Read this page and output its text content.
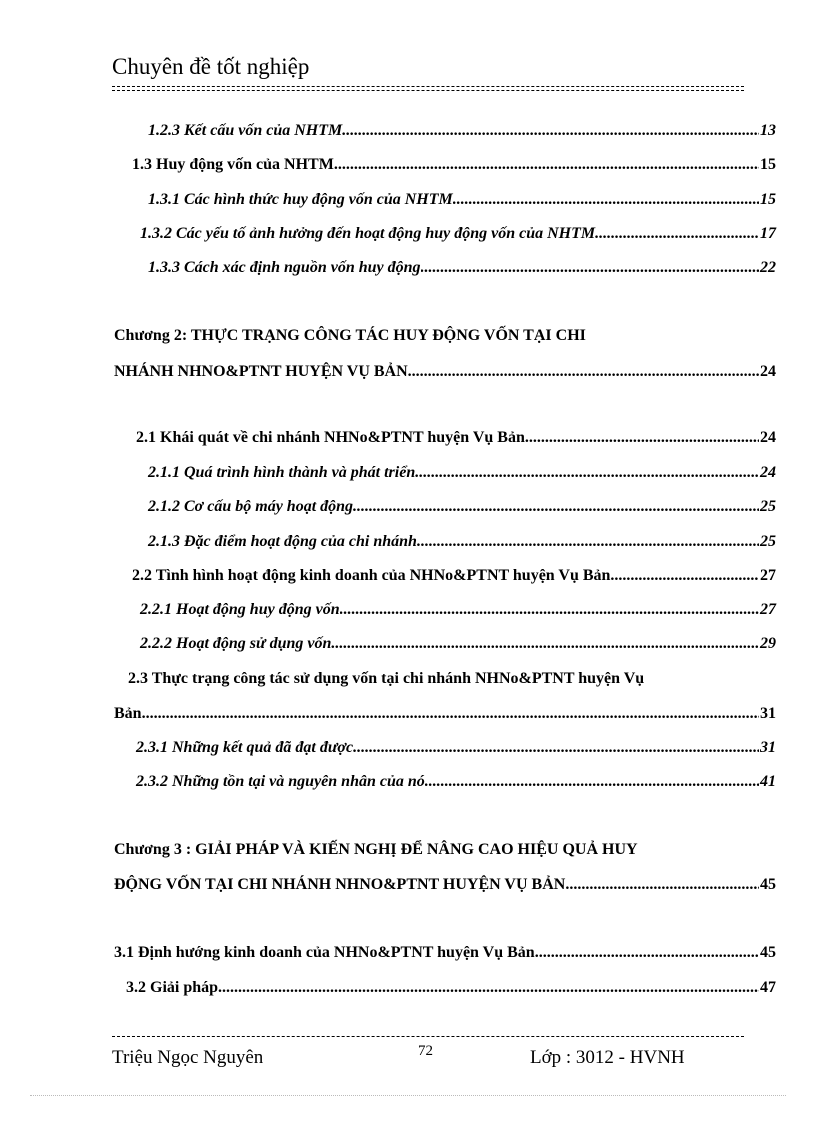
Chuyên đề tốt nghiệp
1.2.3 Kết cấu vốn của NHTM .....	13
1.3 Huy động vốn của NHTM .....	15
1.3.1 Các hình thức huy động vốn của NHTM .....	15
1.3.2 Các yếu tố ảnh hưởng đến hoạt động huy động vốn của NHTM .....	17
1.3.3 Cách xác định nguồn vốn huy động .....	22
Chương 2: THỰC TRẠNG CÔNG TÁC HUY ĐỘNG VỐN TẠI CHI
NHÁNH NHNO&PTNT HUYỆN VỤ BẢN .....	24
2.1 Khái quát về chi nhánh NHNo&PTNT huyện Vụ Bản .....	24
2.1.1 Quá trình hình thành và phát triển .....	24
2.1.2 Cơ cấu bộ máy hoạt động .....	25
2.1.3 Đặc điểm hoạt động của chi nhánh .....	25
2.2 Tình hình hoạt động kinh doanh của NHNo&PTNT huyện Vụ Bản .....	27
2.2.1 Hoạt động huy động vốn .....	27
2.2.2 Hoạt động sử dụng vốn .....	29
2.3 Thực trạng công tác sử dụng vốn tại chi nhánh NHNo&PTNT huyện Vụ
Bản .....	31
2.3.1 Những kết quả đã đạt được .....	31
2.3.2 Những tồn tại và nguyên nhân của nó .....	41
Chương 3 : GIẢI PHÁP VÀ KIẾN NGHỊ ĐỂ NÂNG CAO HIỆU QUẢ HUY
ĐỘNG VỐN TẠI CHI NHÁNH NHNO&PTNT HUYỆN VỤ BẢN .....	45
3.1 Định hướng kinh doanh của NHNo&PTNT huyện Vụ Bản .....	45
3.2 Giải pháp .....	47
Triệu Ngọc Nguyên	72	Lớp : 3012 - HVNH
